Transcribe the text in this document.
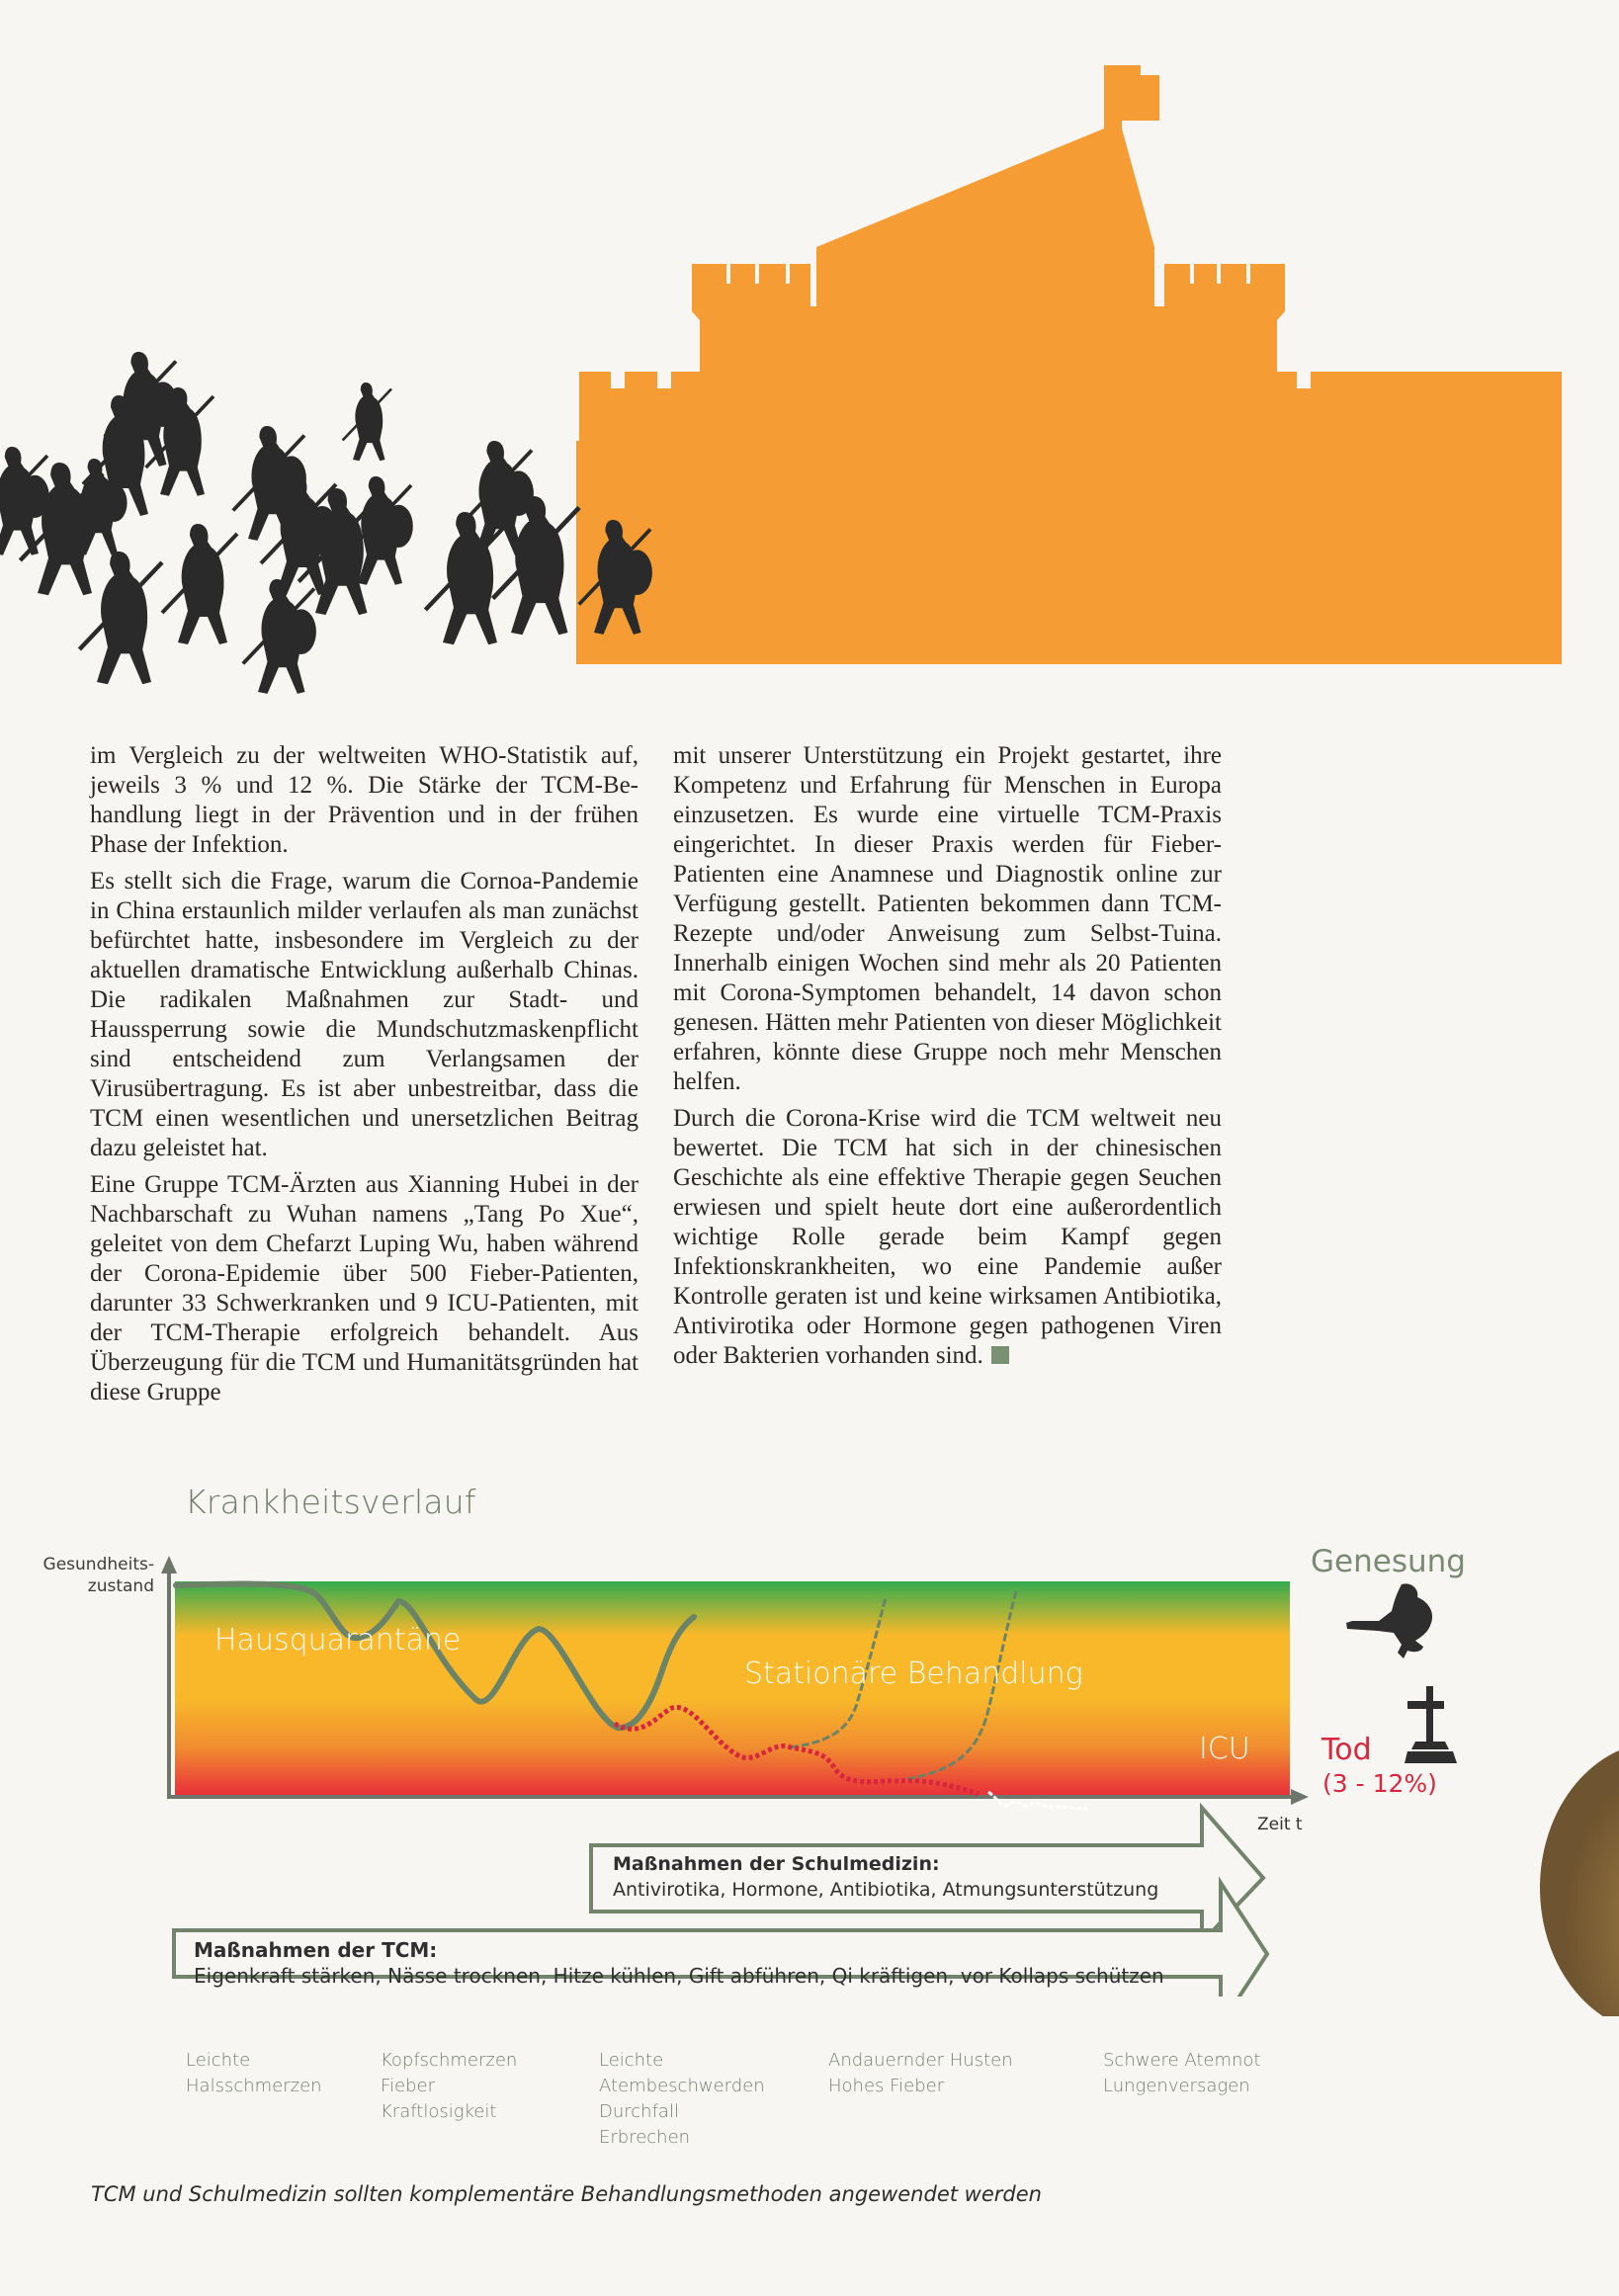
im Vergleich zu der weltweiten WHO-Statistik auf, jeweils 3 % und 12 %. Die Stärke der TCM-Behandlung liegt in der Prävention und in der frühen Phase der Infektion.

Es stellt sich die Frage, warum die Cornoa-Pandemie in China erstaunlich milder verlaufen als man zunächst befürchtet hatte, insbesondere im Vergleich zu der aktuellen dramatische Entwicklung außerhalb Chinas. Die radikalen Maßnahmen zur Stadt- und Haussperrung sowie die Mundschutzmaskenpflicht sind entscheidend zum Verlangsamen der Virusübertragung. Es ist aber unbestreitbar, dass die TCM einen wesentlichen und unersetzlichen Beitrag dazu geleistet hat.

Eine Gruppe TCM-Ärzten aus Xianning Hubei in der Nachbarschaft zu Wuhan namens „Tang Po Xue“, geleitet von dem Chefarzt Luping Wu, haben während der Corona-Epidemie über 500 Fieber-Patienten, darunter 33 Schwerkranken und 9 ICU-Patienten, mit der TCM-Therapie erfolgreich behandelt. Aus Überzeugung für die TCM und Humanitätsgründen hat diese Gruppe

mit unserer Unterstützung ein Projekt gestartet, ihre Kompetenz und Erfahrung für Menschen in Europa einzusetzen. Es wurde eine virtuelle TCM-Praxis eingerichtet. In dieser Praxis werden für Fieber-Patienten eine Anamnese und Diagnostik online zur Verfügung gestellt. Patienten bekommen dann TCM-Rezepte und/oder Anweisung zum Selbst-Tuina. Innerhalb einigen Wochen sind mehr als 20 Patienten mit Corona-Symptomen behandelt, 14 davon schon genesen. Hätten mehr Patienten von dieser Möglichkeit erfahren, könnte diese Gruppe noch mehr Menschen helfen.

Durch die Corona-Krise wird die TCM weltweit neu bewertet. Die TCM hat sich in der chinesischen Geschichte als eine effektive Therapie gegen Seuchen erwiesen und spielt heute dort eine außerordentlich wichtige Rolle gerade beim Kampf gegen Infektionskrankheiten, wo eine Pandemie außer Kontrolle geraten ist und keine wirksamen Antibiotika, Antivirotika oder Hormone gegen pathogenen Viren oder Bakterien vorhanden sind.

Krankheitsverlauf
Gesundheits-
zustand
Hausquarantäne
Stationäre Behandlung
ICU
Genesung
Tod
(3 - 12%)
Zeit t
Maßnahmen der Schulmedizin:
Antivirotika, Hormone, Antibiotika, Atmungsunterstützung
Maßnahmen der TCM:
Eigenkraft stärken, Nässe trocknen, Hitze kühlen, Gift abführen, Qi kräftigen, vor Kollaps schützen
Leichte
Halsschmerzen
Kopfschmerzen
Fieber
Kraftlosigkeit
Leichte
Atembeschwerden
Durchfall
Erbrechen
Andauernder Husten
Hohes Fieber
Schwere Atemnot
Lungenversagen
TCM und Schulmedizin sollten komplementäre Behandlungsmethoden angewendet werden
